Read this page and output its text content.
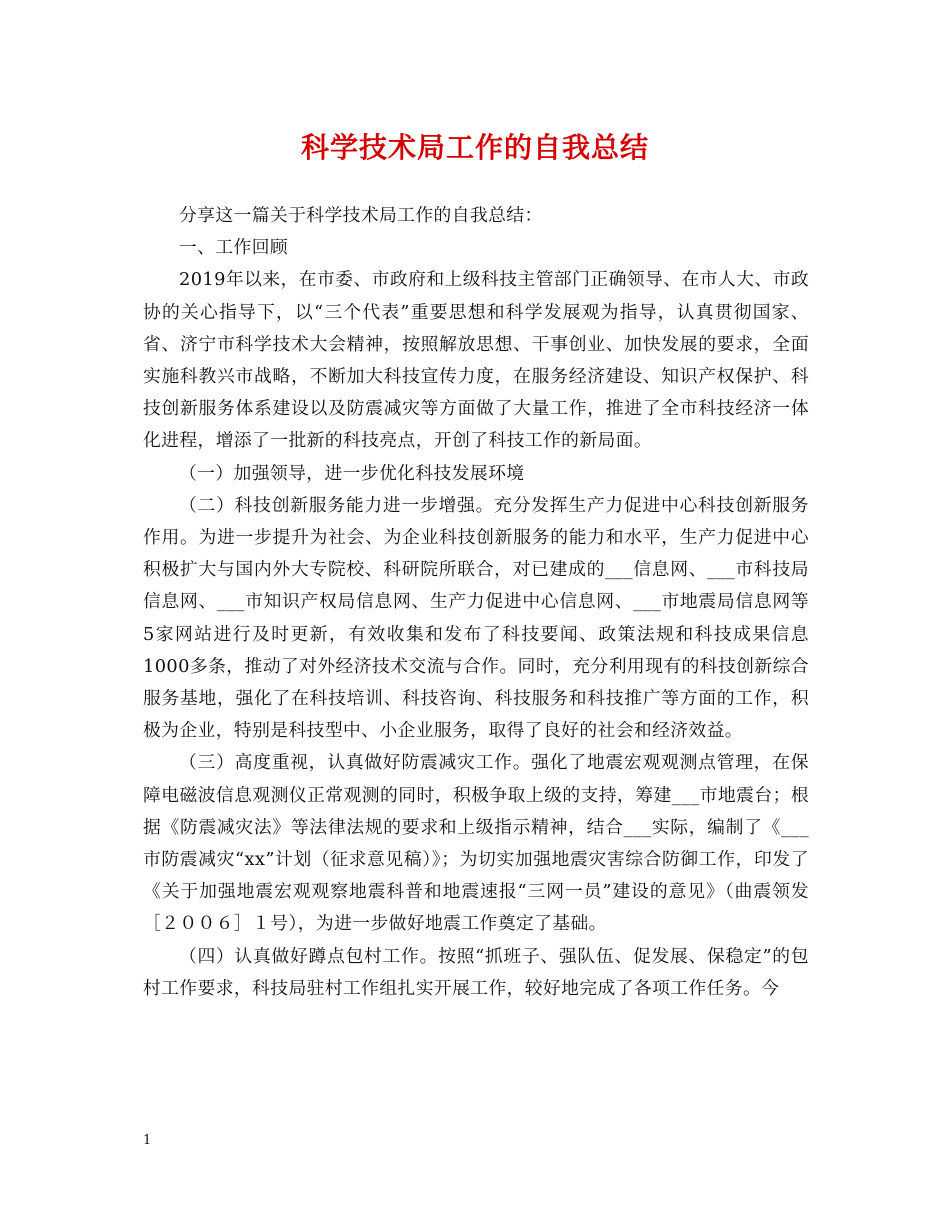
科学技术局工作的自我总结

分享这一篇关于科学技术局工作的自我总结：

一、工作回顾

2019年以来，在市委、市政府和上级科技主管部门正确领导、在市人大、市政协的关心指导下，以“三个代表”重要思想和科学发展观为指导，认真贯彻国家、省、济宁市科学技术大会精神，按照解放思想、干事创业、加快发展的要求，全面实施科教兴市战略，不断加大科技宣传力度，在服务经济建设、知识产权保护、科技创新服务体系建设以及防震减灾等方面做了大量工作，推进了全市科技经济一体化进程，增添了一批新的科技亮点，开创了科技工作的新局面。

（一）加强领导，进一步优化科技发展环境

（二）科技创新服务能力进一步增强。充分发挥生产力促进中心科技创新服务作用。为进一步提升为社会、为企业科技创新服务的能力和水平，生产力促进中心积极扩大与国内外大专院校、科研院所联合，对已建成的___信息网、___市科技局信息网、___市知识产权局信息网、生产力促进中心信息网、___市地震局信息网等5家网站进行及时更新，有效收集和发布了科技要闻、政策法规和科技成果信息1000多条，推动了对外经济技术交流与合作。同时，充分利用现有的科技创新综合服务基地，强化了在科技培训、科技咨询、科技服务和科技推广等方面的工作，积极为企业，特别是科技型中、小企业服务，取得了良好的社会和经济效益。

（三）高度重视，认真做好防震减灾工作。强化了地震宏观观测点管理，在保障电磁波信息观测仪正常观测的同时，积极争取上级的支持，筹建___市地震台；根据《防震减灾法》等法律法规的要求和上级指示精神，结合___实际，编制了《___市防震减灾“xx”计划（征求意见稿）》；为切实加强地震灾害综合防御工作，印发了《关于加强地震宏观观察地震科普和地震速报“三网一员”建设的意见》（曲震领发［２００６］１号），为进一步做好地震工作奠定了基础。

（四）认真做好蹲点包村工作。按照“抓班子、强队伍、促发展、保稳定”的包村工作要求，科技局驻村工作组扎实开展工作，较好地完成了各项工作任务。今

1
